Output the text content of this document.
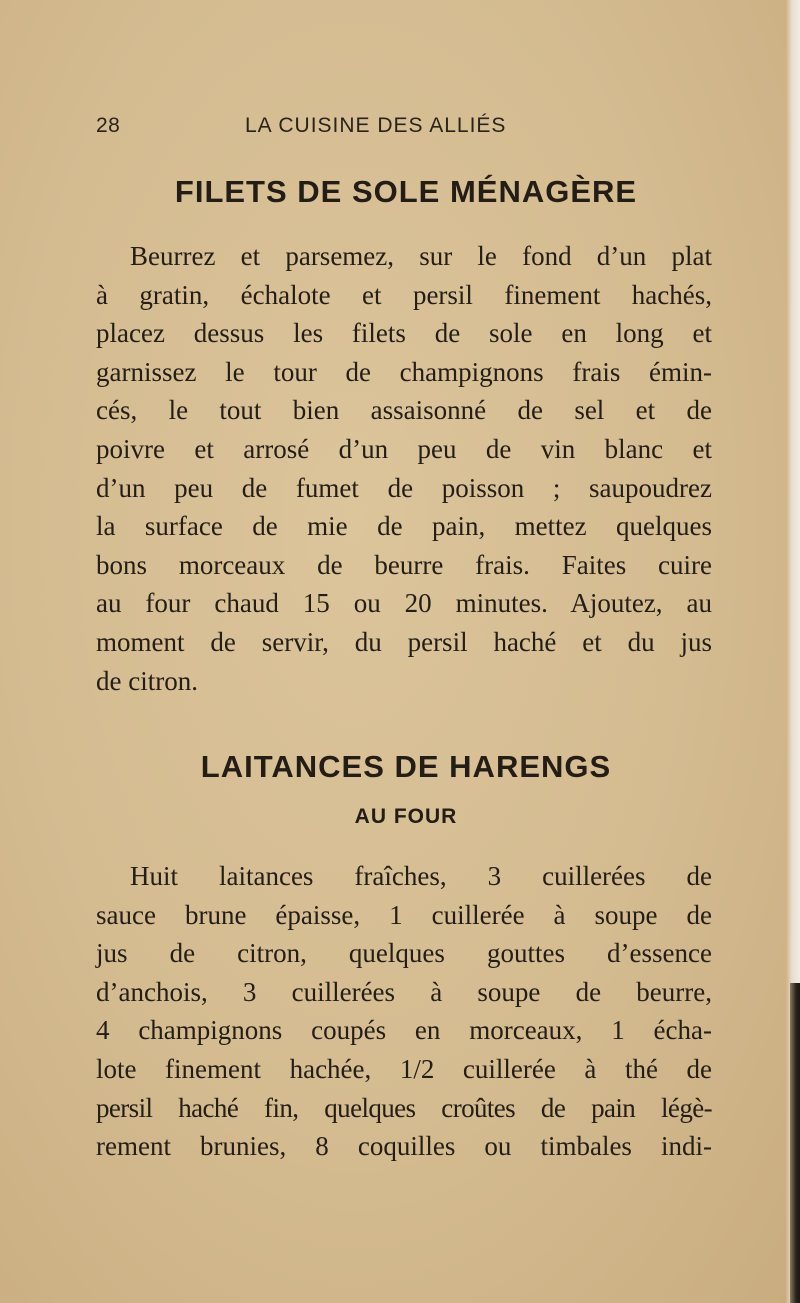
28	LA CUISINE DES ALLIÉS
FILETS DE SOLE MÉNAGÈRE

Beurrez et parsemez, sur le fond d’un plat
à gratin, échalote et persil finement hachés,
placez dessus les filets de sole en long et
garnissez le tour de champignons frais émin-
cés, le tout bien assaisonné de sel et de
poivre et arrosé d’un peu de vin blanc et
d’un peu de fumet de poisson ; saupoudrez
la surface de mie de pain, mettez quelques
bons morceaux de beurre frais. Faites cuire
au four chaud 15 ou 20 minutes. Ajoutez, au
moment de servir, du persil haché et du jus
de citron.

LAITANCES DE HARENGS
AU FOUR

Huit laitances fraîches, 3 cuillerées de
sauce brune épaisse, 1 cuillerée à soupe de
jus de citron, quelques gouttes d’essence
d’anchois, 3 cuillerées à soupe de beurre,
4 champignons coupés en morceaux, 1 écha-
lote finement hachée, 1/2 cuillerée à thé de
persil haché fin, quelques croûtes de pain légè-
rement brunies, 8 coquilles ou timbales indi-
